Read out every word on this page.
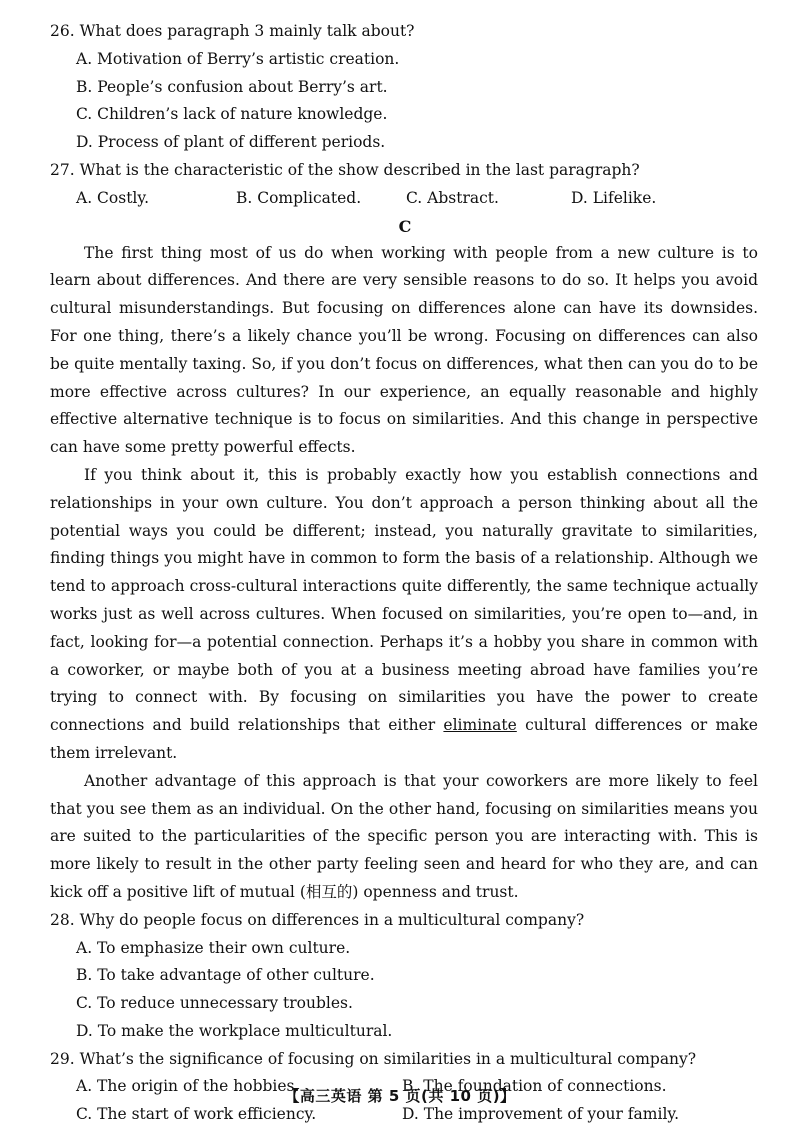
26. What does paragraph 3 mainly talk about?
A. Motivation of Berry’s artistic creation.
B. People’s confusion about Berry’s art.
C. Children’s lack of nature knowledge.
D. Process of plant of different periods.
27. What is the characteristic of the show described in the last paragraph?
A. Costly.	B. Complicated.	C. Abstract.	D. Lifelike.
C

The first thing most of us do when working with people from a new culture is to learn about differences. And there are very sensible reasons to do so. It helps you avoid cultural misunderstandings. But focusing on differences alone can have its downsides. For one thing, there’s a likely chance you’ll be wrong. Focusing on differences can also be quite mentally taxing. So, if you don’t focus on differences, what then can you do to be more effective across cultures? In our experience, an equally reasonable and highly effective alternative technique is to focus on similarities. And this change in perspective can have some pretty powerful effects.

If you think about it, this is probably exactly how you establish connections and relationships in your own culture. You don’t approach a person thinking about all the potential ways you could be different; instead, you naturally gravitate to similarities, finding things you might have in common to form the basis of a relationship. Although we tend to approach cross-cultural interactions quite differently, the same technique actually works just as well across cultures. When focused on similarities, you’re open to—and, in fact, looking for—a potential connection. Perhaps it’s a hobby you share in common with a coworker, or maybe both of you at a business meeting abroad have families you’re trying to connect with. By focusing on similarities you have the power to create connections and build relationships that either eliminate cultural differences or make them irrelevant.

Another advantage of this approach is that your coworkers are more likely to feel that you see them as an individual. On the other hand, focusing on similarities means you are suited to the particularities of the specific person you are interacting with. This is more likely to result in the other party feeling seen and heard for who they are, and can kick off a positive lift of mutual (相互的) openness and trust.

28. Why do people focus on differences in a multicultural company?
A. To emphasize their own culture.
B. To take advantage of other culture.
C. To reduce unnecessary troubles.
D. To make the workplace multicultural.
29. What’s the significance of focusing on similarities in a multicultural company?
A. The origin of the hobbies.	B. The foundation of connections.
C. The start of work efficiency.	D. The improvement of your family.
【高三英语 第 5 页(共 10 页)】
